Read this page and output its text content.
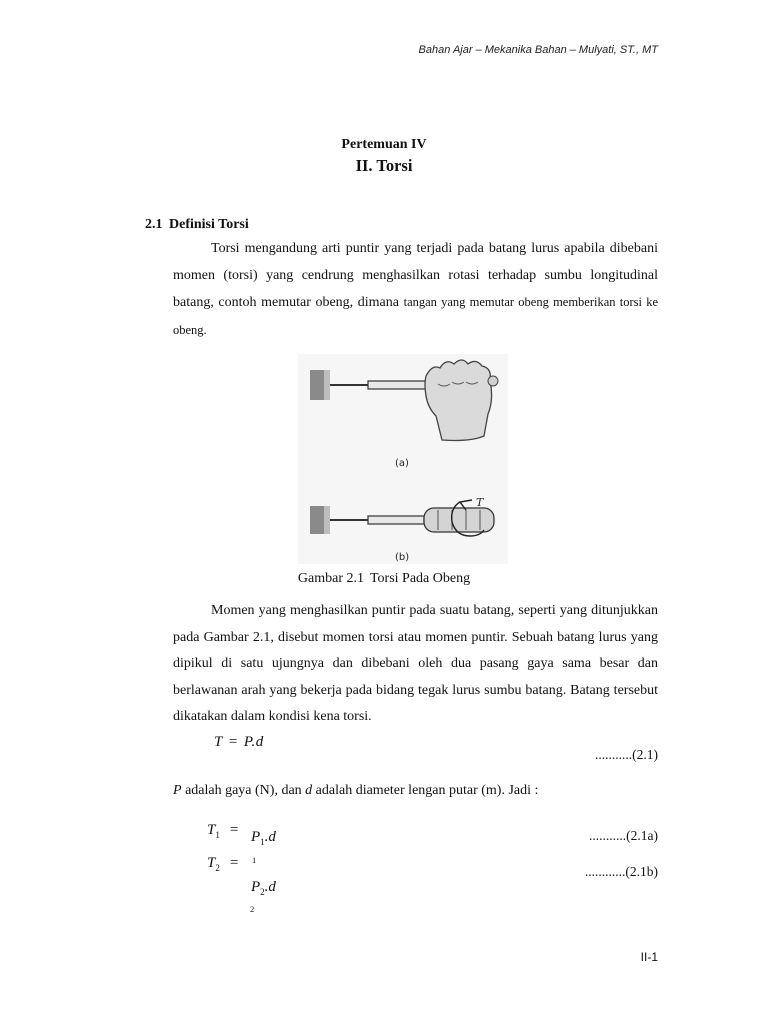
Bahan Ajar – Mekanika Bahan – Mulyati, ST., MT
Pertemuan IV
II. Torsi
2.1 Definisi Torsi
Torsi mengandung arti puntir yang terjadi pada batang lurus apabila dibebani momen (torsi) yang cendrung menghasilkan rotasi terhadap sumbu longitudinal batang, contoh memutar obeng, dimana tangan yang memutar obeng memberikan torsi ke obeng.
(a)
T
(b)
Gambar 2.1 Torsi Pada Obeng
Momen yang menghasilkan puntir pada suatu batang, seperti yang ditunjukkan pada Gambar 2.1, disebut momen torsi atau momen puntir. Sebuah batang lurus yang dipikul di satu ujungnya dan dibebani oleh dua pasang gaya sama besar dan berlawanan arah yang bekerja pada bidang tegak lurus sumbu batang. Batang tersebut dikatakan dalam kondisi kena torsi.
T = P.d
...........(2.1)
P adalah gaya (N), dan d adalah diameter lengan putar (m). Jadi :
$T_1 = P_1.d$
1
...........(2.1a)
$T_2$ =
$P_2.d$
2
............(2.1b)
II-1
